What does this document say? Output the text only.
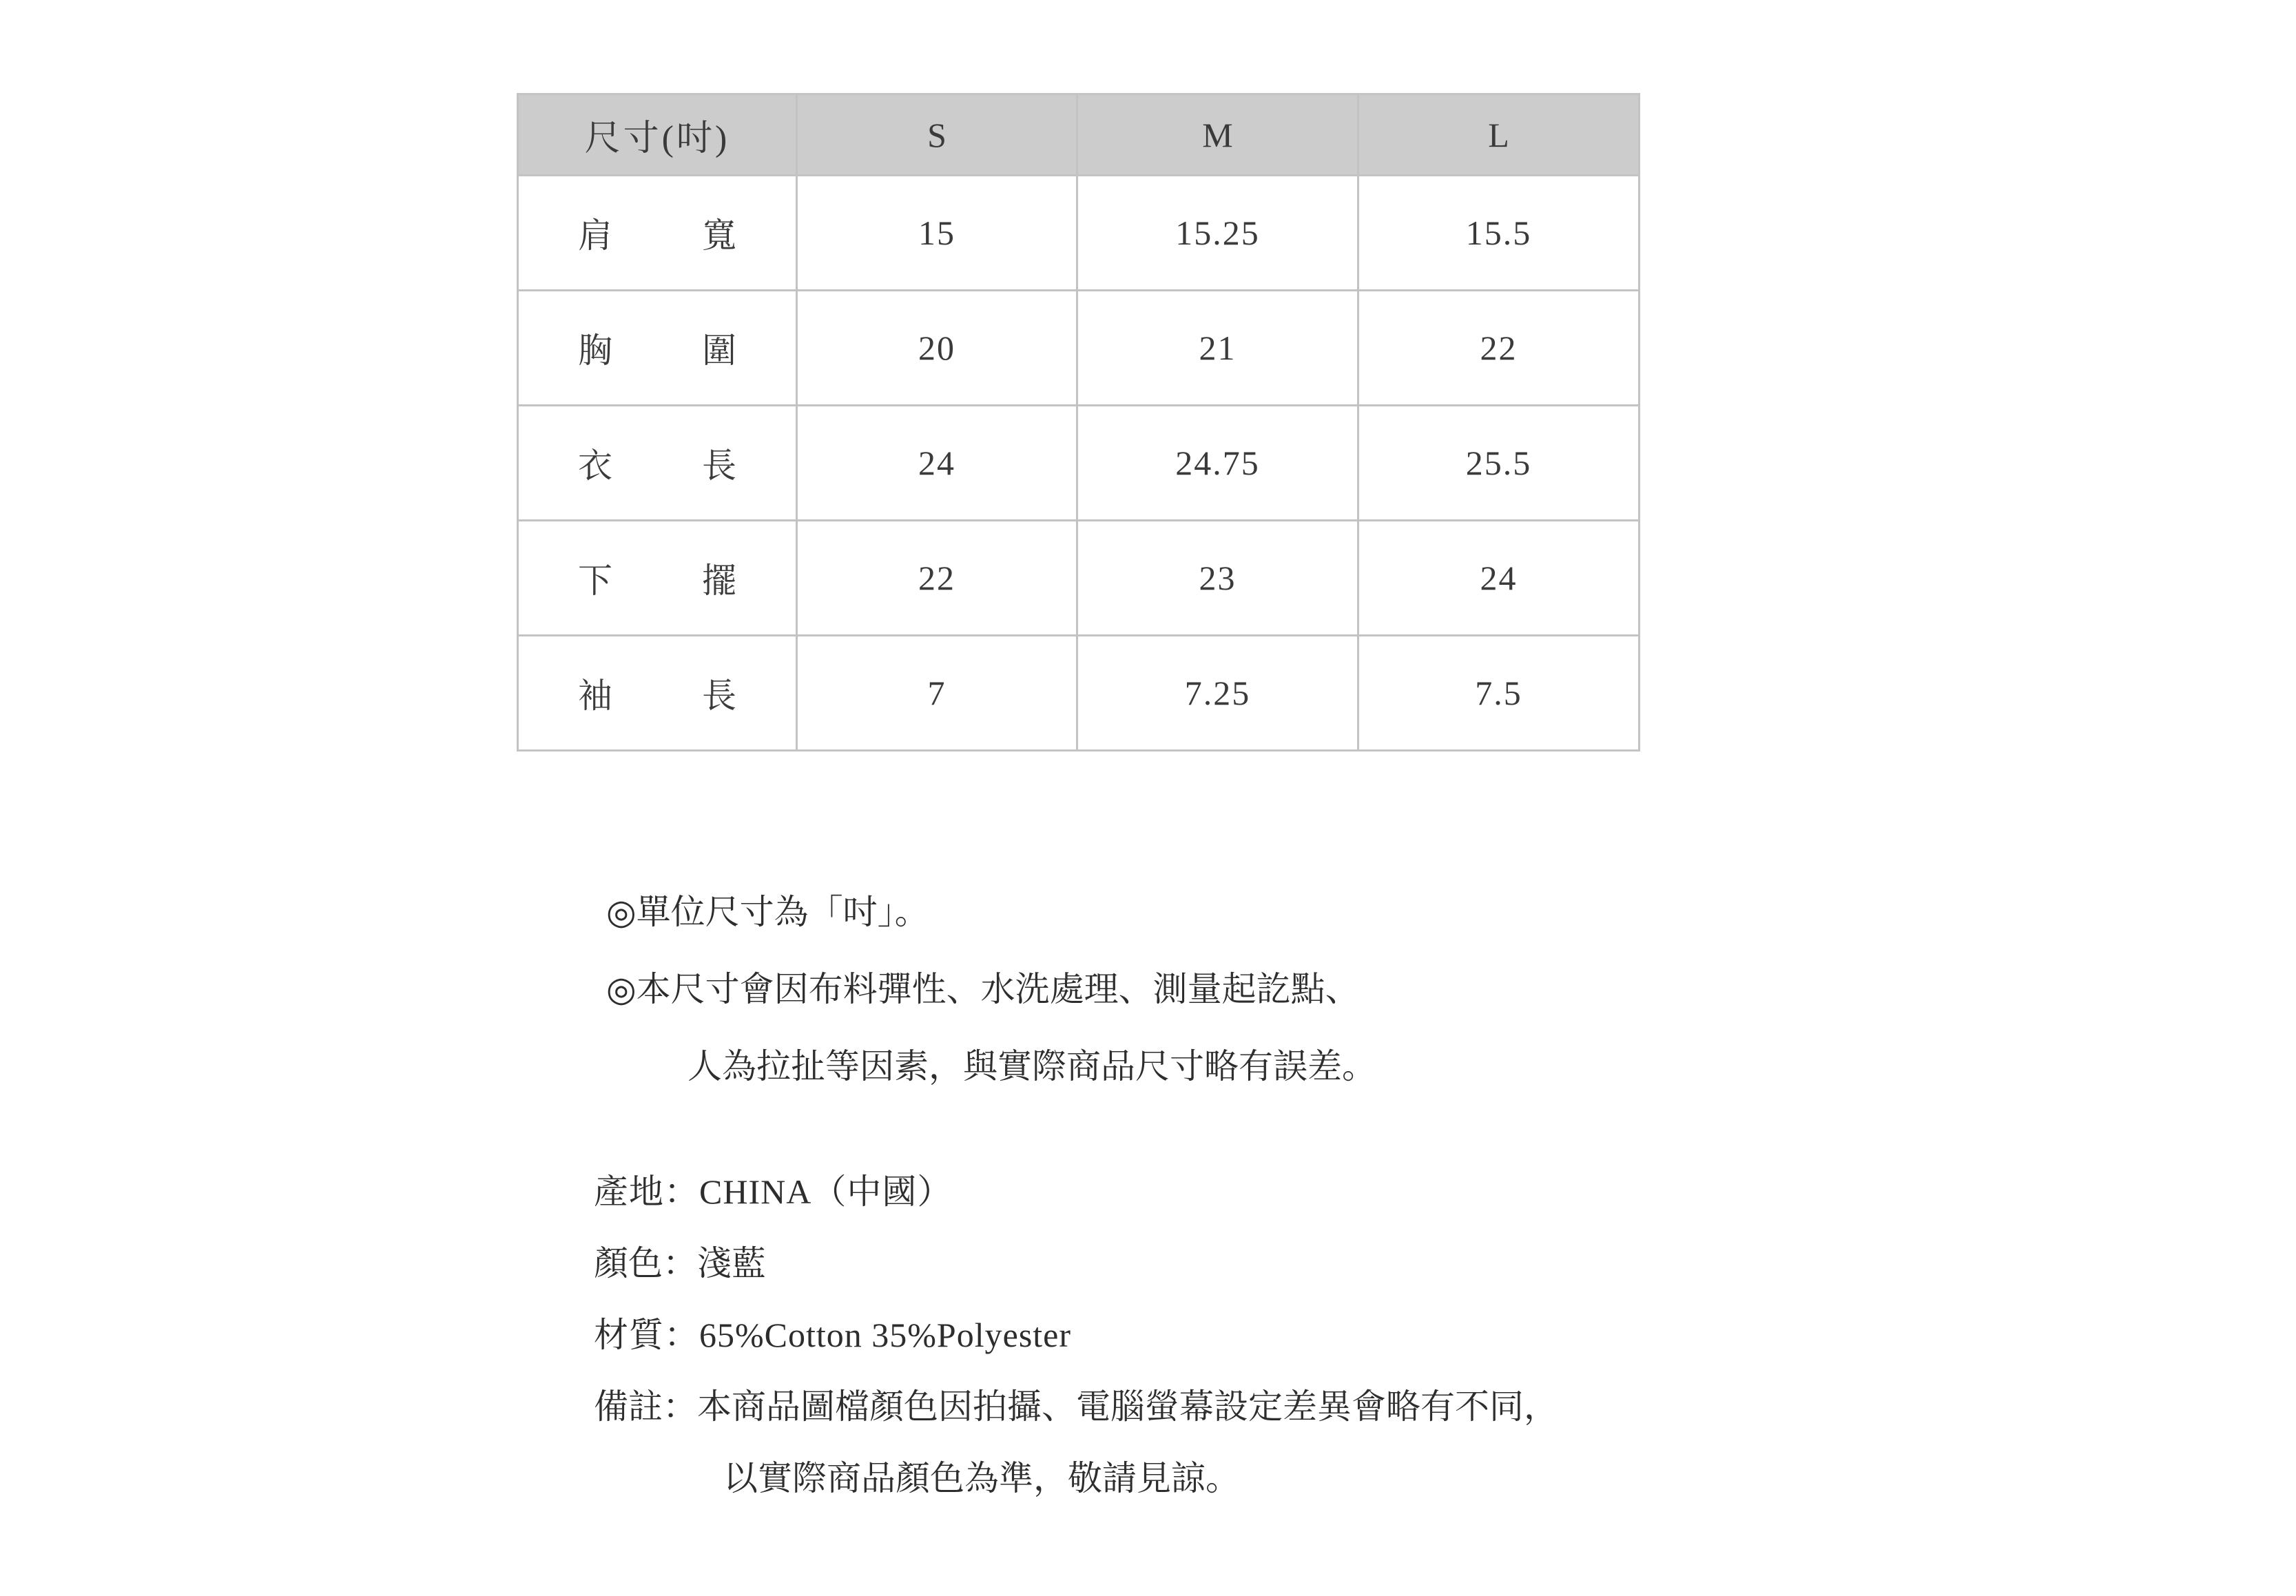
尺寸(吋)	S	M	L
肩寬	15	15.25	15.5
胸圍	20	21	22
衣長	24	24.75	25.5
下擺	22	23	24
袖長	7	7.25	7.5
◎單位尺寸為「吋」。
◎本尺寸會因布料彈性、水洗處理、測量起訖點、
人為拉扯等因素，與實際商品尺寸略有誤差。
產地：CHINA（中國）
顏色：淺藍
材質：65%Cotton 35%Polyester
備註：本商品圖檔顏色因拍攝、電腦螢幕設定差異會略有不同，
以實際商品顏色為準，敬請見諒。
